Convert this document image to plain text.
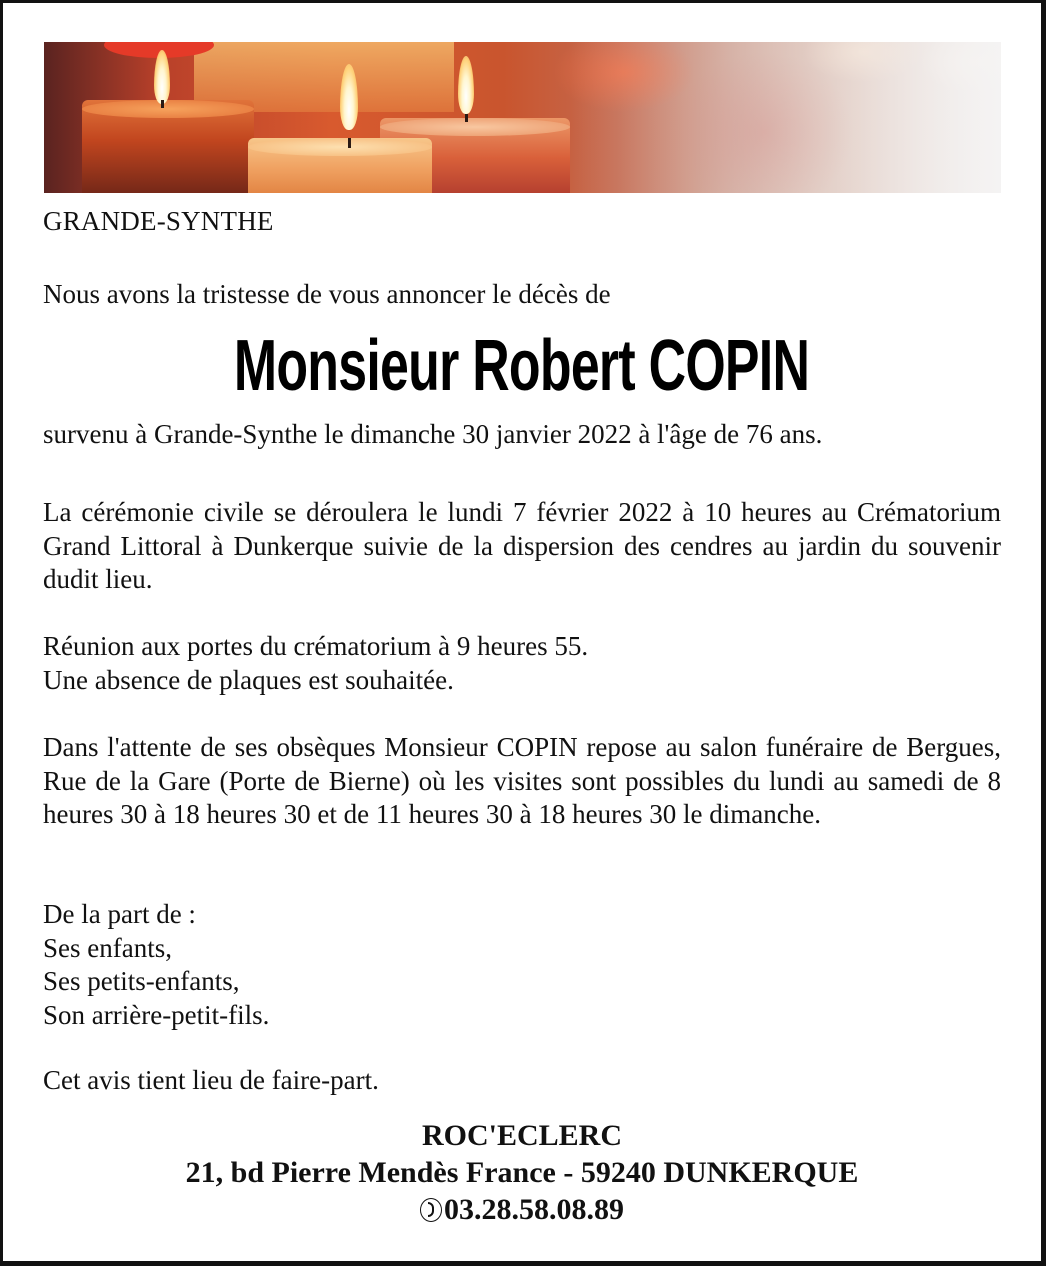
GRANDE-SYNTHE
Nous avons la tristesse de vous annoncer le décès de
Monsieur Robert COPIN
survenu à Grande-Synthe le dimanche 30 janvier 2022 à l'âge de 76 ans.
La cérémonie civile se déroulera le lundi 7 février 2022 à 10 heures au Crématorium Grand Littoral à Dunkerque suivie de la dispersion des cendres au jardin du souvenir dudit lieu.
Réunion aux portes du crématorium à 9 heures 55.
Une absence de plaques est souhaitée.
Dans l'attente de ses obsèques Monsieur COPIN repose au salon funéraire de Bergues, Rue de la Gare (Porte de Bierne) où les visites sont possibles du lundi au samedi de 8 heures 30 à 18 heures 30 et de 11 heures 30 à 18 heures 30 le dimanche.
De la part de :
Ses enfants,
Ses petits-enfants,
Son arrière-petit-fils.
Cet avis tient lieu de faire-part.
ROC'ECLERC
21, bd Pierre Mendès France - 59240 DUNKERQUE
03.28.58.08.89
